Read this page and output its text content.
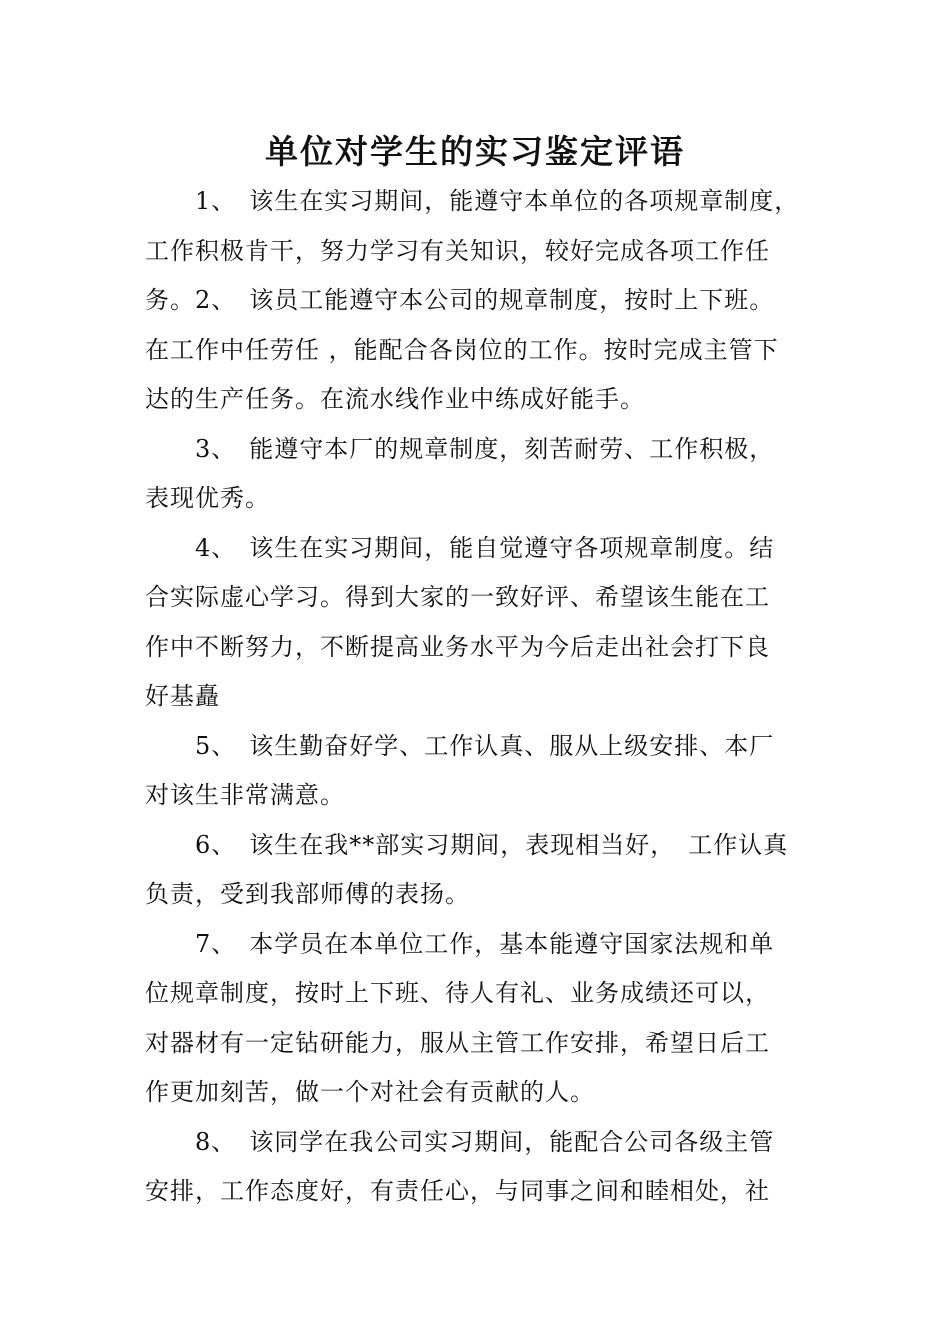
单位对学生的实习鉴定评语
　　1、　该生在实习期间，能遵守本单位的各项规章制度，
工作积极肯干，努力学习有关知识，较好完成各项工作任
务。2、　该员工能遵守本公司的规章制度，按时上下班。
在工作中任劳任 ，能配合各岗位的工作。按时完成主管下
达的生产任务。在流水线作业中练成好能手。
　　3、　能遵守本厂的规章制度，刻苦耐劳、工作积极，
表现优秀。
　　4、　该生在实习期间，能自觉遵守各项规章制度。结
合实际虚心学习。得到大家的一致好评、希望该生能在工
作中不断努力，不断提高业务水平为今后走出社会打下良
好基矗
　　5、　该生勤奋好学、工作认真、服从上级安排、本厂
对该生非常满意。
　　6、　该生在我**部实习期间，表现相当好，　工作认真
负责，受到我部师傅的表扬。
　　7、　本学员在本单位工作，基本能遵守国家法规和单
位规章制度，按时上下班、待人有礼、业务成绩还可以，
对器材有一定钻研能力，服从主管工作安排，希望日后工
作更加刻苦，做一个对社会有贡献的人。
　　8、　该同学在我公司实习期间，能配合公司各级主管
安排，工作态度好，有责任心，与同事之间和睦相处，社
